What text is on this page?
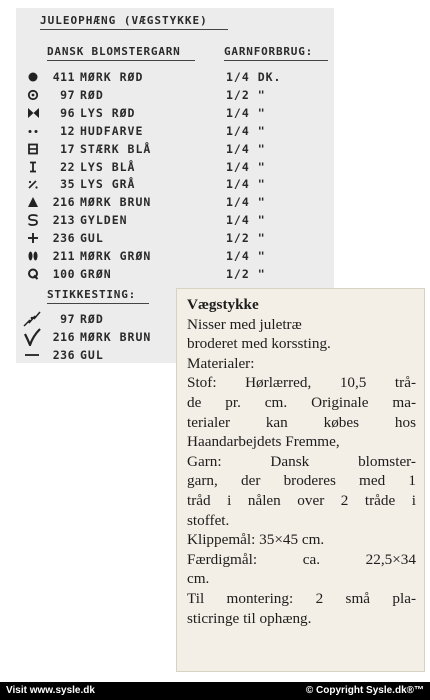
JULEOPHÆNG (VÆGSTYKKE)
DANSK BLOMSTERGARN	GARNFORBRUG:
411 MØRK RØD	1/4 DK.
97 RØD	1/2 "
96 LYS RØD	1/4 "
12 HUDFARVE	1/4 "
17 STÆRK BLÅ	1/4 "
22 LYS BLÅ	1/4 "
35 LYS GRÅ	1/4 "
216 MØRK BRUN	1/4 "
213 GYLDEN	1/4 "
236 GUL	1/2 "
211 MØRK GRØN	1/4 "
100 GRØN	1/2 "
STIKKESTING:
97 RØD
216 MØRK BRUN
236 GUL
Vægstykke
Nisser med juletræ
broderet med korssting.
Materialer:
Stof: Hørlærred, 10,5 trå-
de pr. cm. Originale ma-
terialer kan købes hos
Haandarbejdets Fremme,
Garn: Dansk blomster-
garn, der broderes med 1
tråd i nålen over 2 tråde i
stoffet.
Klippemål: 35×45 cm.
Færdigmål: ca. 22,5×34
cm.
Til montering: 2 små pla-
sticringe til ophæng.
Visit www.sysle.dk	© Copyright Sysle.dk®™
